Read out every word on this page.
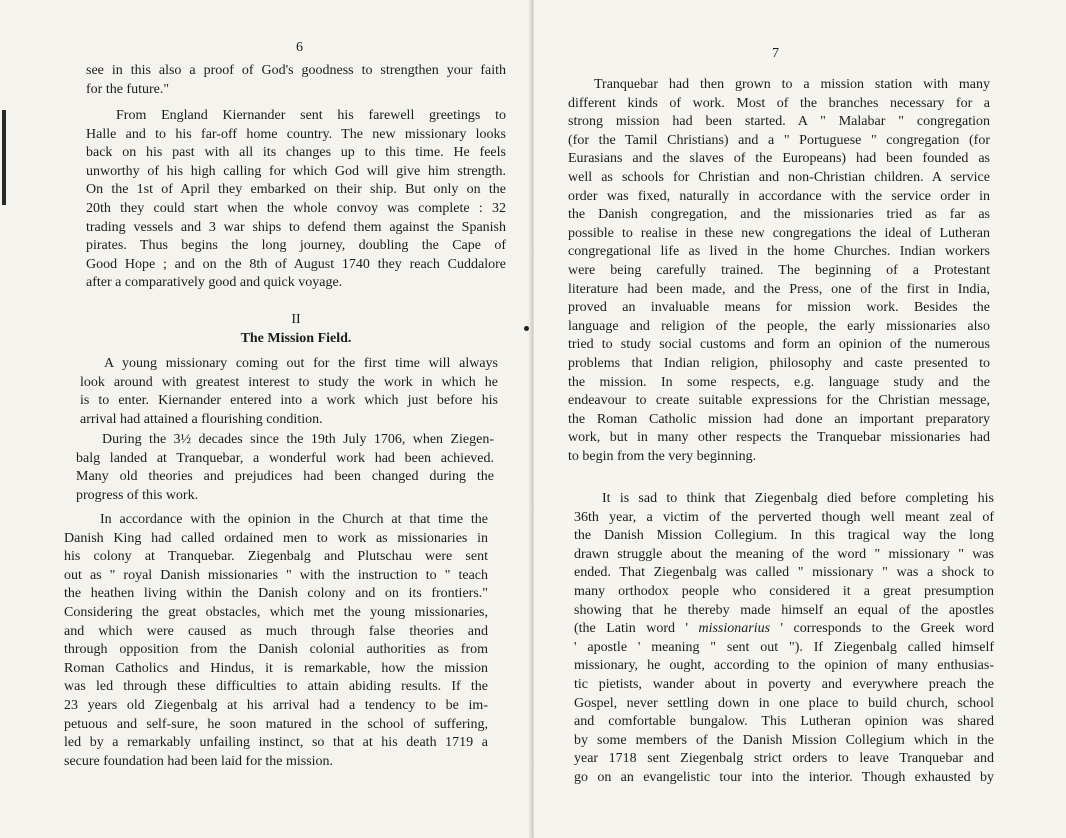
6
see in this also a proof of God's goodness to strengthen your faith
for the future."
From England Kiernander sent his farewell greetings to
Halle and to his far-off home country. The new missionary looks
back on his past with all its changes up to this time. He feels
unworthy of his high calling for which God will give him strength.
On the 1st of April they embarked on their ship. But only on the
20th they could start when the whole convoy was complete : 32
trading vessels and 3 war ships to defend them against the Spanish
pirates. Thus begins the long journey, doubling the Cape of
Good Hope ; and on the 8th of August 1740 they reach Cuddalore
after a comparatively good and quick voyage.
II
The Mission Field.
A young missionary coming out for the first time will always
look around with greatest interest to study the work in which he
is to enter. Kiernander entered into a work which just before his
arrival had attained a flourishing condition.
During the 3½ decades since the 19th July 1706, when Ziegen-
balg landed at Tranquebar, a wonderful work had been achieved.
Many old theories and prejudices had been changed during the
progress of this work.
In accordance with the opinion in the Church at that time the
Danish King had called ordained men to work as missionaries in
his colony at Tranquebar. Ziegenbalg and Plutschau were sent
out as " royal Danish missionaries " with the instruction to " teach
the heathen living within the Danish colony and on its frontiers."
Considering the great obstacles, which met the young missionaries,
and which were caused as much through false theories and
through opposition from the Danish colonial authorities as from
Roman Catholics and Hindus, it is remarkable, how the mission
was led through these difficulties to attain abiding results. If the
23 years old Ziegenbalg at his arrival had a tendency to be im-
petuous and self-sure, he soon matured in the school of suffering,
led by a remarkably unfailing instinct, so that at his death 1719 a
secure foundation had been laid for the mission.
7
Tranquebar had then grown to a mission station with many
different kinds of work. Most of the branches necessary for a
strong mission had been started. A " Malabar " congregation
(for the Tamil Christians) and a " Portuguese " congregation (for
Eurasians and the slaves of the Europeans) had been founded as
well as schools for Christian and non-Christian children. A service
order was fixed, naturally in accordance with the service order in
the Danish congregation, and the missionaries tried as far as
possible to realise in these new congregations the ideal of Lutheran
congregational life as lived in the home Churches. Indian workers
were being carefully trained. The beginning of a Protestant
literature had been made, and the Press, one of the first in India,
proved an invaluable means for mission work. Besides the
language and religion of the people, the early missionaries also
tried to study social customs and form an opinion of the numerous
problems that Indian religion, philosophy and caste presented to
the mission. In some respects, e.g. language study and the
endeavour to create suitable expressions for the Christian message,
the Roman Catholic mission had done an important preparatory
work, but in many other respects the Tranquebar missionaries had
to begin from the very beginning.
It is sad to think that Ziegenbalg died before completing his
36th year, a victim of the perverted though well meant zeal of
the Danish Mission Collegium. In this tragical way the long
drawn struggle about the meaning of the word " missionary " was
ended. That Ziegenbalg was called " missionary " was a shock to
many orthodox people who considered it a great presumption
showing that he thereby made himself an equal of the apostles
(the Latin word ' missionarius ' corresponds to the Greek word
' apostle ' meaning " sent out "). If Ziegenbalg called himself
missionary, he ought, according to the opinion of many enthusias-
tic pietists, wander about in poverty and everywhere preach the
Gospel, never settling down in one place to build church, school
and comfortable bungalow. This Lutheran opinion was shared
by some members of the Danish Mission Collegium which in the
year 1718 sent Ziegenbalg strict orders to leave Tranquebar and
go on an evangelistic tour into the interior. Though exhausted by
